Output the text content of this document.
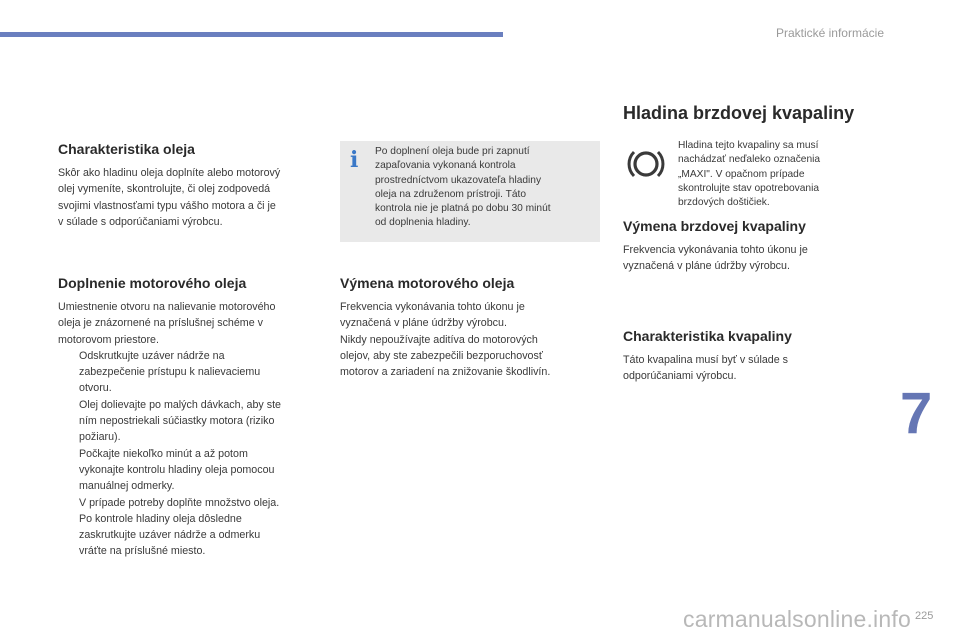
Praktické informácie
Charakteristika oleja

Skôr ako hladinu oleja doplníte alebo motorový

olej vymeníte, skontrolujte, či olej zodpovedá

svojimi vlastnosťami typu vášho motora a či je

v súlade s odporúčaniami výrobcu.

Doplnenie motorového oleja

Umiestnenie otvoru na nalievanie motorového

oleja je znázornené na príslušnej schéme v

motorovom priestore.

Odskrutkujte uzáver nádrže na
zabezpečenie prístupu k nalievaciemu
otvoru.
Olej dolievajte po malých dávkach, aby ste
ním nepostriekali súčiastky motora (riziko
požiaru).
Počkajte niekoľko minút a až potom
vykonajte kontrolu hladiny oleja pomocou
manuálnej odmerky.
V prípade potreby doplňte množstvo oleja.
Po kontrole hladiny oleja dôsledne
zaskrutkujte uzáver nádrže a odmerku
vráťte na príslušné miesto.
i Po doplnení oleja bude pri zapnutí
zapaľovania vykonaná kontrola
prostredníctvom ukazovateľa hladiny
oleja na združenom prístroji. Táto
kontrola nie je platná po dobu 30 minút
od doplnenia hladiny.
Výmena motorového oleja

Frekvencia vykonávania tohto úkonu je

vyznačená v pláne údržby výrobcu.

Nikdy nepoužívajte aditíva do motorových

olejov, aby ste zabezpečili bezporuchovosť

motorov a zariadení na znižovanie škodlivín.

Hladina brzdovej kvapaliny
Hladina tejto kvapaliny sa musí
nachádzať neďaleko označenia
„MAXI". V opačnom prípade
skontrolujte stav opotrebovania
brzdových doštičiek.
Výmena brzdovej kvapaliny

Frekvencia vykonávania tohto úkonu je

vyznačená v pláne údržby výrobcu.

Charakteristika kvapaliny

Táto kvapalina musí byť v súlade s

odporúčaniami výrobcu.

7
carmanualsonline.info 225
